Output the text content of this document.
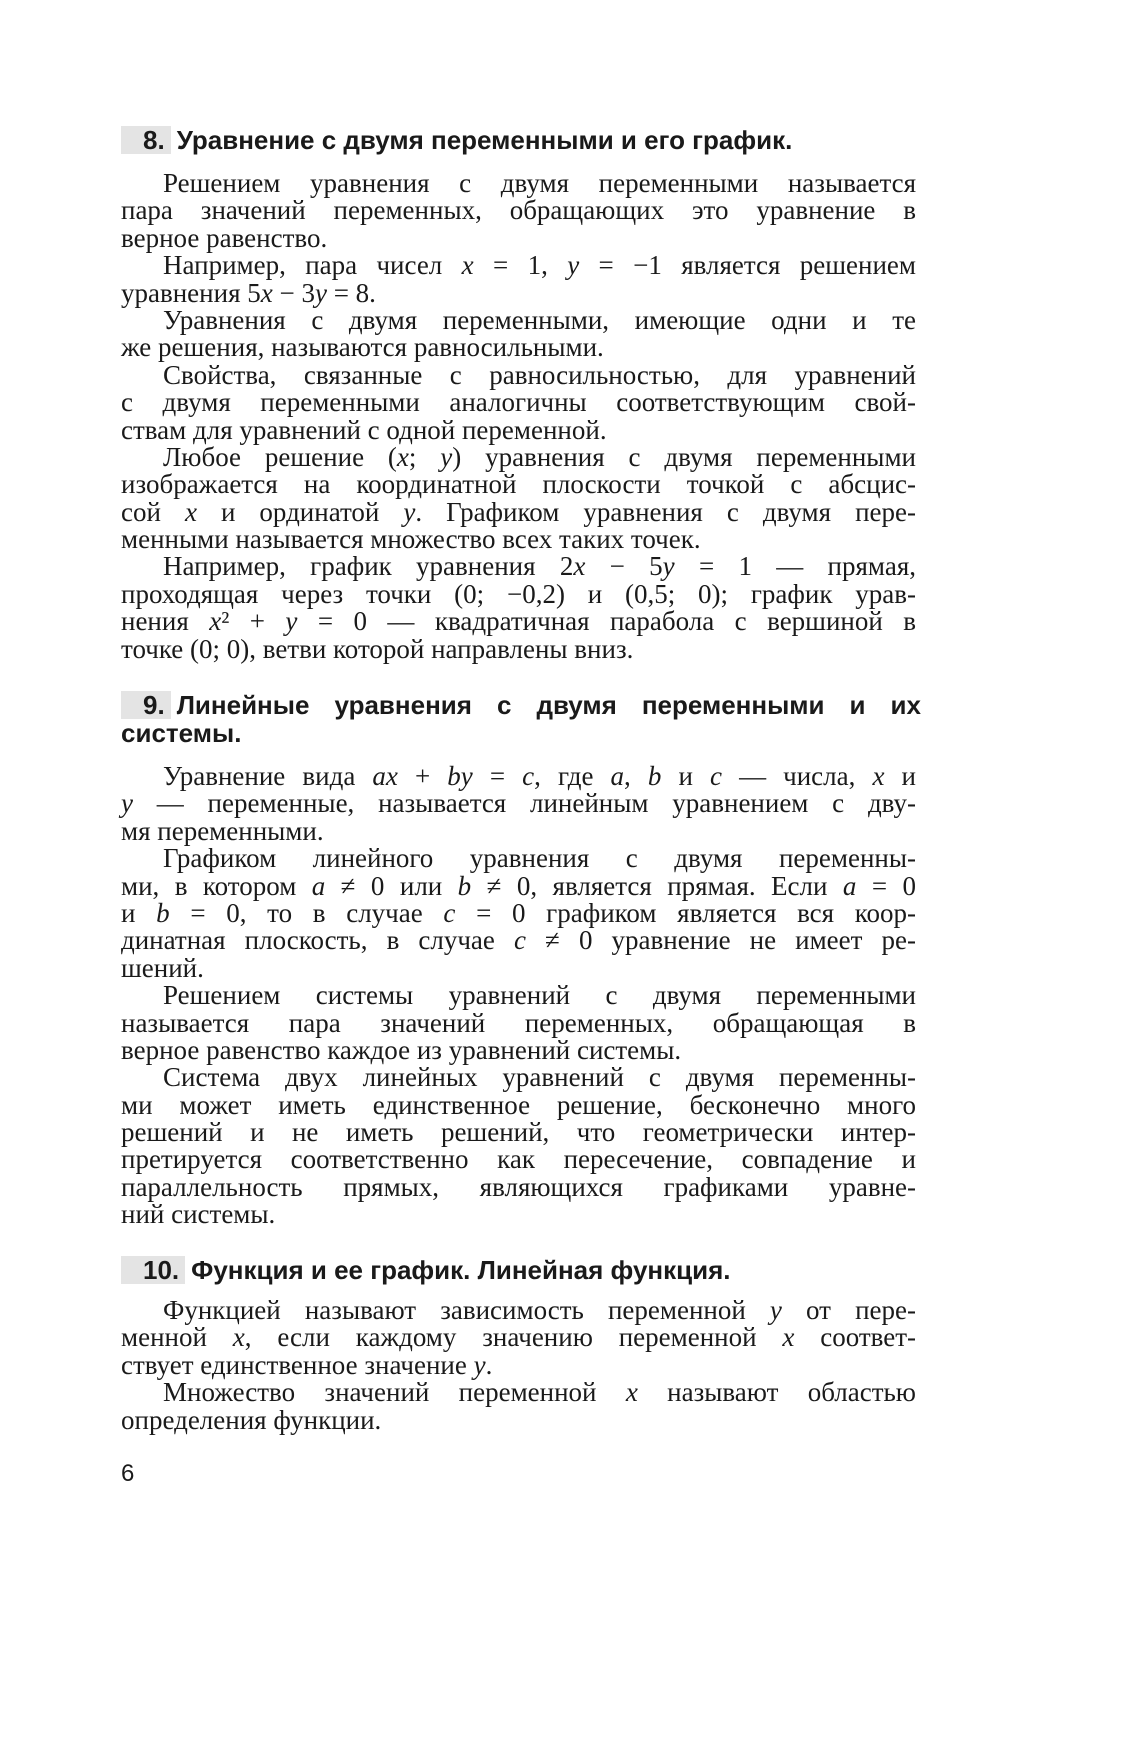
8. Уравнение с двумя переменными и его график.
Решением уравнения с двумя переменными называется
пара значений переменных, обращающих это уравнение в
верное равенство.
Например, пара чисел x = 1, y = −1 является решением
уравнения 5x − 3y = 8.
Уравнения с двумя переменными, имеющие одни и те
же решения, называются равносильными.
Свойства, связанные с равносильностью, для уравнений
с двумя переменными аналогичны соответствующим свой-
ствам для уравнений с одной переменной.
Любое решение (x; y) уравнения с двумя переменными
изображается на координатной плоскости точкой с абсцис-
сой x и ординатой y. Графиком уравнения с двумя пере-
менными называется множество всех таких точек.
Например, график уравнения 2x − 5y = 1 — прямая,
проходящая через точки (0; −0,2) и (0,5; 0); график урав-
нения x² + y = 0 — квадратичная парабола с вершиной в
точке (0; 0), ветви которой направлены вниз.
9. Линейные уравнения с двумя переменными и их
системы.
Уравнение вида ax + by = c, где a, b и c — числа, x и
y — переменные, называется линейным уравнением с дву-
мя переменными.
Графиком линейного уравнения с двумя переменны-
ми, в котором a ≠ 0 или b ≠ 0, является прямая. Если a = 0
и b = 0, то в случае c = 0 графиком является вся коор-
динатная плоскость, в случае c ≠ 0 уравнение не имеет ре-
шений.
Решением системы уравнений с двумя переменными
называется пара значений переменных, обращающая в
верное равенство каждое из уравнений системы.
Система двух линейных уравнений с двумя переменны-
ми может иметь единственное решение, бесконечно много
решений и не иметь решений, что геометрически интер-
претируется соответственно как пересечение, совпадение и
параллельность прямых, являющихся графиками уравне-
ний системы.
10. Функция и ее график. Линейная функция.
Функцией называют зависимость переменной y от пере-
менной x, если каждому значению переменной x соответ-
ствует единственное значение y.
Множество значений переменной x называют областью
определения функции.
6
